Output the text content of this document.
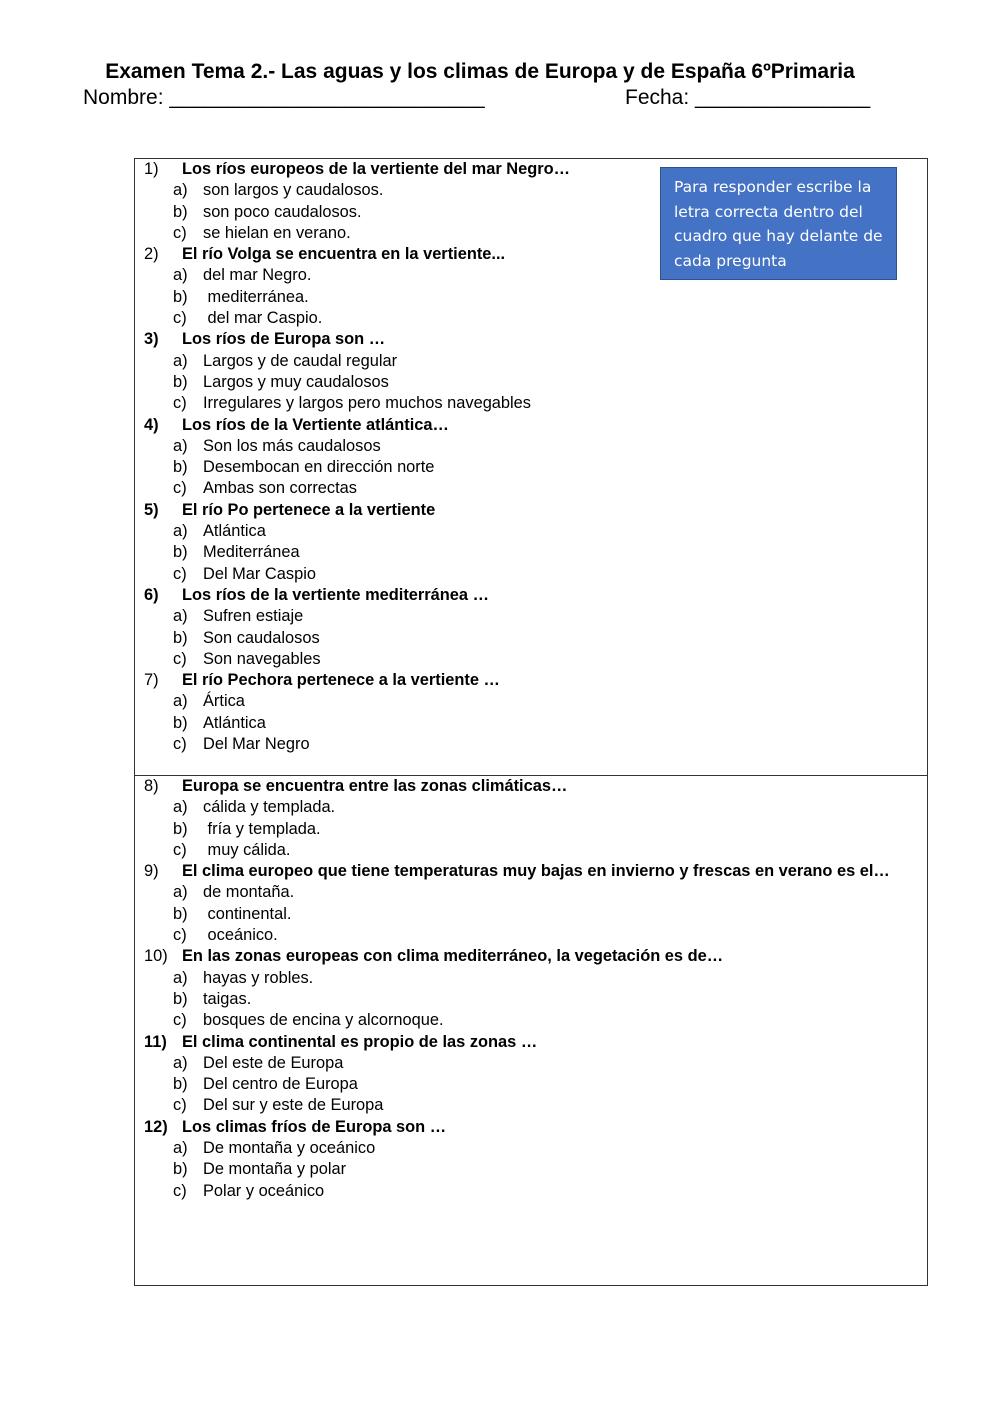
Examen Tema 2.- Las aguas y los climas de Europa y de España 6ºPrimaria
Nombre: ___________________________	Fecha: _______________
1)	Los ríos europeos de la vertiente del mar Negro…
a) son largos y caudalosos.
b) son poco caudalosos.
c) se hielan en verano.
2)	El río Volga se encuentra en la vertiente...
a) del mar Negro.
b) mediterránea.
c) del mar Caspio.
3)	Los ríos de Europa son …
a) Largos y de caudal regular
b) Largos y muy caudalosos
c) Irregulares y largos pero muchos navegables
4)	Los ríos de la Vertiente atlántica…
a) Son los más caudalosos
b) Desembocan en dirección norte
c) Ambas son correctas
5)	El río Po pertenece a la vertiente
a) Atlántica
b) Mediterránea
c) Del Mar Caspio
6)	Los ríos de la vertiente mediterránea …
a) Sufren estiaje
b) Son caudalosos
c) Son navegables
7)	El río Pechora pertenece a la vertiente …
a) Ártica
b) Atlántica
c) Del Mar Negro
Para responder escribe la letra correcta dentro del cuadro que hay delante de cada pregunta
8)	Europa se encuentra entre las zonas climáticas…
a) cálida y templada.
b) fría y templada.
c) muy cálida.
9)	El clima europeo que tiene temperaturas muy bajas en invierno y frescas en verano es el…
a) de montaña.
b) continental.
c) oceánico.
10) En las zonas europeas con clima mediterráneo, la vegetación es de…
a) hayas y robles.
b) taigas.
c) bosques de encina y alcornoque.
11) El clima continental es propio de las zonas …
a) Del este de Europa
b) Del centro de Europa
c) Del sur y este de Europa
12) Los climas fríos de Europa son …
a) De montaña y oceánico
b) De montaña y polar
c) Polar y oceánico
